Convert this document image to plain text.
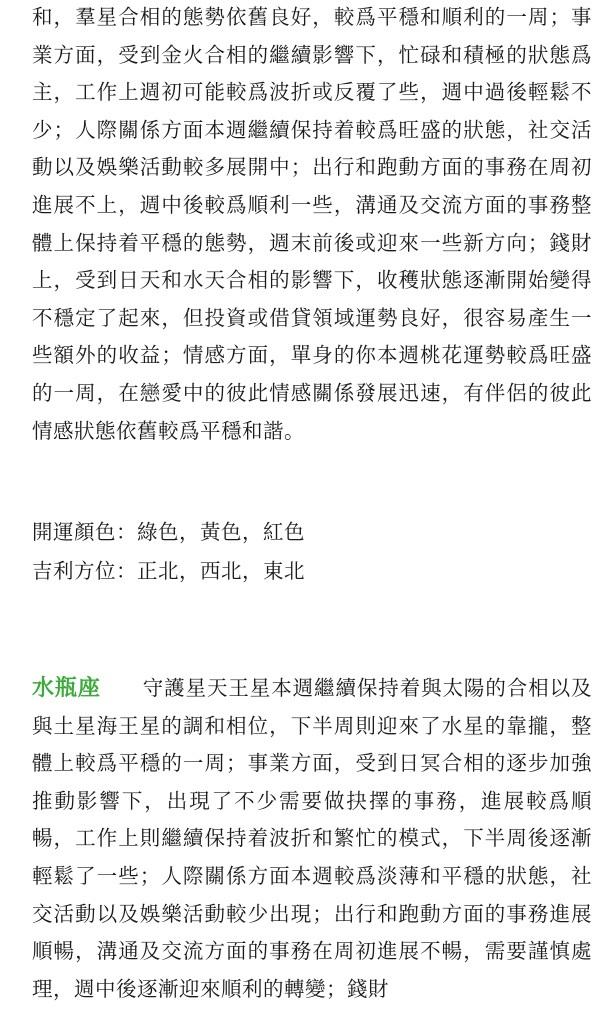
和，羣星合相的態勢依舊良好，較爲平穩和順利的一周；事業方面，受到金火合相的繼續影響下，忙碌和積極的狀態爲主，工作上週初可能較爲波折或反覆了些，週中過後輕鬆不少；人際關係方面本週繼續保持着較爲旺盛的狀態，社交活動以及娛樂活動較多展開中；出行和跑動方面的事務在周初進展不上，週中後較爲順利一些，溝通及交流方面的事務整體上保持着平穩的態勢，週末前後或迎來一些新方向；錢財上，受到日天和水天合相的影響下，收穫狀態逐漸開始變得不穩定了起來，但投資或借貸領域運勢良好，很容易產生一些額外的收益；情感方面，單身的你本週桃花運勢較爲旺盛的一周，在戀愛中的彼此情感關係發展迅速，有伴侶的彼此情感狀態依舊較爲平穩和諧。

開運顏色：綠色，黃色，紅色

吉利方位：正北，西北，東北

水瓶座 守護星天王星本週繼續保持着與太陽的合相以及與土星海王星的調和相位，下半周則迎來了水星的靠攏，整體上較爲平穩的一周；事業方面，受到日冥合相的逐步加強推動影響下，出現了不少需要做抉擇的事務，進展較爲順暢，工作上則繼續保持着波折和繁忙的模式，下半周後逐漸輕鬆了一些；人際關係方面本週較爲淡薄和平穩的狀態，社交活動以及娛樂活動較少出現；出行和跑動方面的事務進展順暢，溝通及交流方面的事務在周初進展不暢，需要謹慎處理，週中後逐漸迎來順利的轉變；錢財
